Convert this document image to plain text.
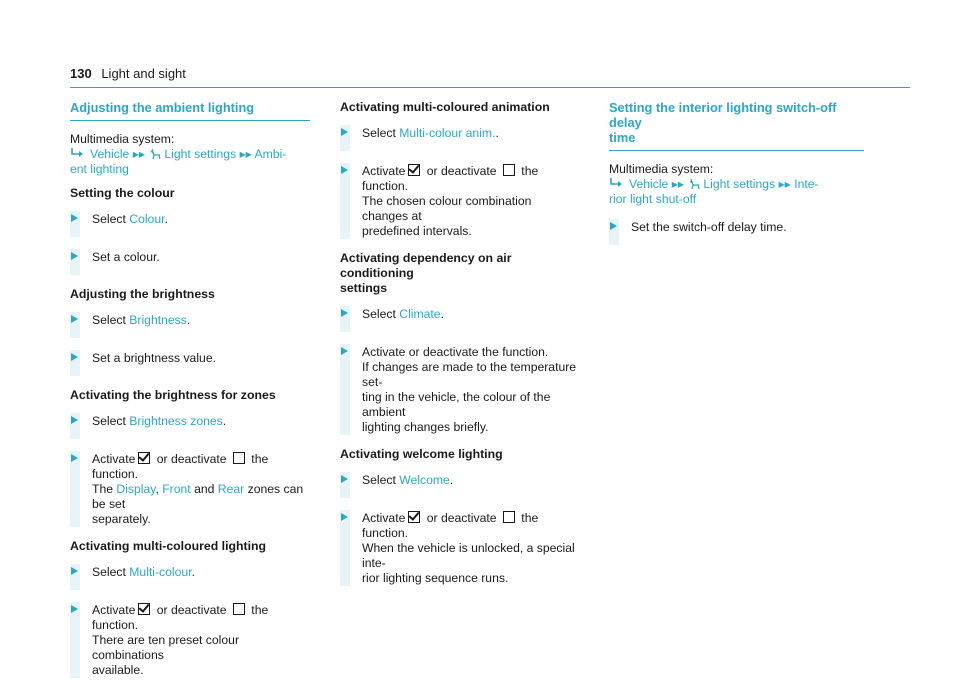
130 Light and sight
Adjusting the ambient lighting
Multimedia system:
Vehicle ▸▸ Light settings ▸▸ Ambi-
ent lighting
Setting the colour
Select Colour.
Set a colour.
Adjusting the brightness
Select Brightness.
Set a brightness value.
Activating the brightness for zones
Select Brightness zones.
Activate or deactivate  the function.
The Display, Front and Rear zones can be set
separately.
Activating multi-coloured lighting
Select Multi-colour.
Activate or deactivate  the function.
There are ten preset colour combinations
available.
Activating multi-coloured animation
Select Multi-colour anim..
Activate or deactivate  the function.
The chosen colour combination changes at
predefined intervals.
Activating dependency on air conditioning
settings
Select Climate.
Activate or deactivate the function.
If changes are made to the temperature set-
ting in the vehicle, the colour of the ambient
lighting changes briefly.
Activating welcome lighting
Select Welcome.
Activate or deactivate  the function.
When the vehicle is unlocked, a special inte-
rior lighting sequence runs.
Setting the interior lighting switch-off delay
time
Multimedia system:
Vehicle ▸▸ Light settings ▸▸ Inte-
rior light shut-off
Set the switch-off delay time.
